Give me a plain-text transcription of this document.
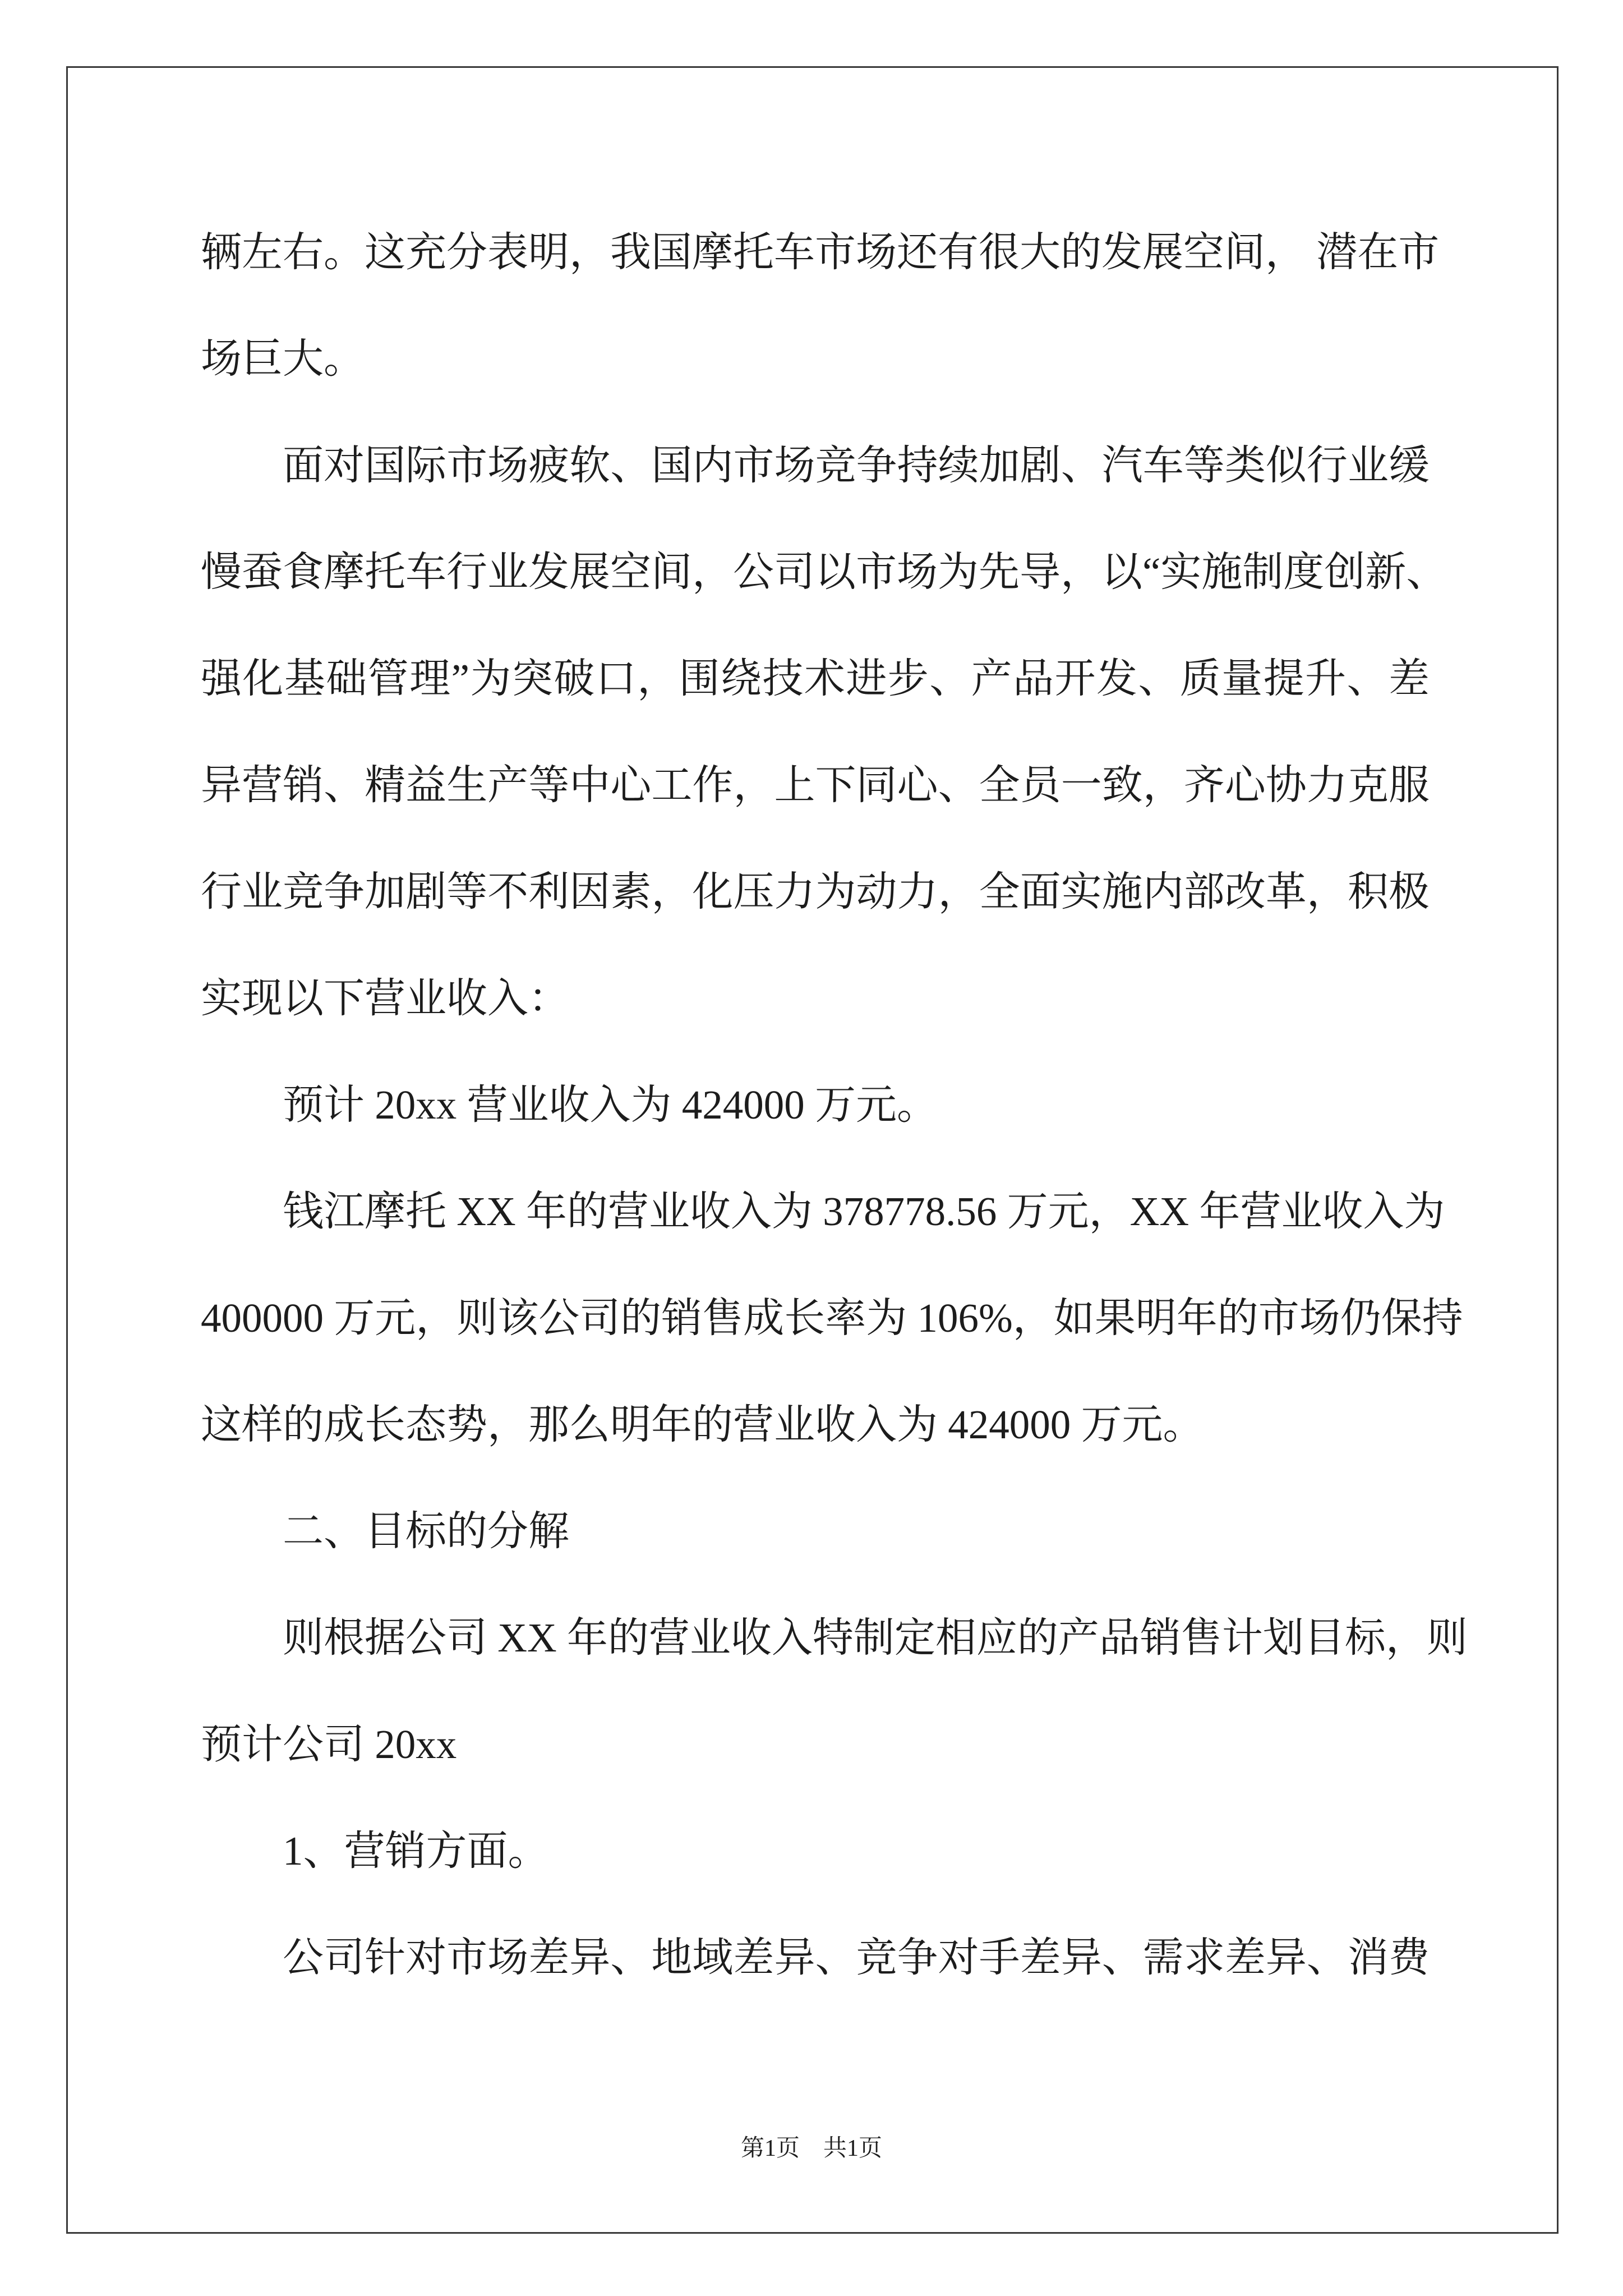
辆左右。这充分表明，我国摩托车市场还有很大的发展空间， 潜在市
场巨大。
面对国际市场疲软、国内市场竞争持续加剧、汽车等类似行业缓
慢蚕食摩托车行业发展空间，公司以市场为先导，以“实施制度创新、
强化基础管理”为突破口，围绕技术进步、产品开发、质量提升、差
异营销、精益生产等中心工作，上下同心、全员一致，齐心协力克服
行业竞争加剧等不利因素，化压力为动力，全面实施内部改革，积极
实现以下营业收入：
预计 20xx 营业收入为 424000 万元。
钱江摩托 XX 年的营业收入为 378778.56 万元，XX 年营业收入为
400000 万元，则该公司的销售成长率为 106%，如果明年的市场仍保持
这样的成长态势，那么明年的营业收入为 424000 万元。
二、目标的分解
则根据公司 XX 年的营业收入特制定相应的产品销售计划目标，则
预计公司 20xx
1、营销方面。
公司针对市场差异、地域差异、竞争对手差异、需求差异、消费
第1页　共1页
